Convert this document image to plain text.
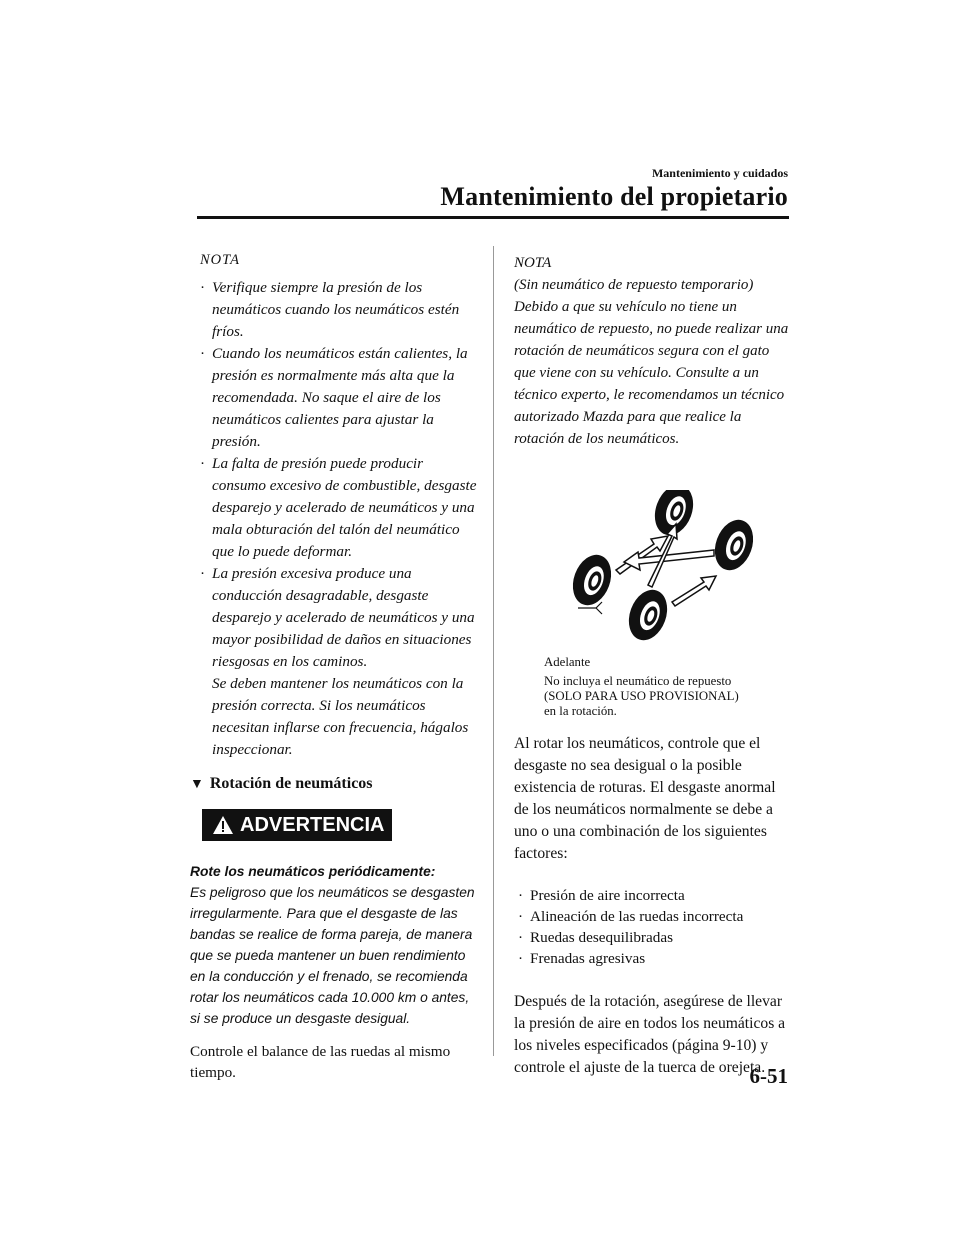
Mantenimiento y cuidados
Mantenimiento del propietario
NOTA
· Verifique siempre la presión de los neumáticos cuando los neumáticos estén fríos.
· Cuando los neumáticos están calientes, la presión es normalmente más alta que la recomendada. No saque el aire de los neumáticos calientes para ajustar la presión.
· La falta de presión puede producir consumo excesivo de combustible, desgaste desparejo y acelerado de neumáticos y una mala obturación del talón del neumático que lo puede deformar.
· La presión excesiva produce una conducción desagradable, desgaste desparejo y acelerado de neumáticos y una mayor posibilidad de daños en situaciones riesgosas en los caminos.
Se deben mantener los neumáticos con la presión correcta. Si los neumáticos necesitan inflarse con frecuencia, hágalos inspeccionar.
▼ Rotación de neumáticos
ADVERTENCIA
Rote los neumáticos periódicamente:
Es peligroso que los neumáticos se desgasten irregularmente. Para que el desgaste de las bandas se realice de forma pareja, de manera que se pueda mantener un buen rendimiento en la conducción y el frenado, se recomienda rotar los neumáticos cada 10.000 km o antes, si se produce un desgaste desigual.
Controle el balance de las ruedas al mismo tiempo.
NOTA
(Sin neumático de repuesto temporario)
Debido a que su vehículo no tiene un neumático de repuesto, no puede realizar una rotación de neumáticos segura con el gato que viene con su vehículo. Consulte a un técnico experto, le recomendamos un técnico autorizado Mazda para que realice la rotación de los neumáticos.
Adelante
No incluya el neumático de repuesto
(SOLO PARA USO PROVISIONAL)
en la rotación.
Al rotar los neumáticos, controle que el desgaste no sea desigual o la posible existencia de roturas. El desgaste anormal de los neumáticos normalmente se debe a uno o una combinación de los siguientes factores:
· Presión de aire incorrecta
· Alineación de las ruedas incorrecta
· Ruedas desequilibradas
· Frenadas agresivas
Después de la rotación, asegúrese de llevar la presión de aire en todos los neumáticos a los niveles especificados (página 9-10) y controle el ajuste de la tuerca de orejeta.
6-51
